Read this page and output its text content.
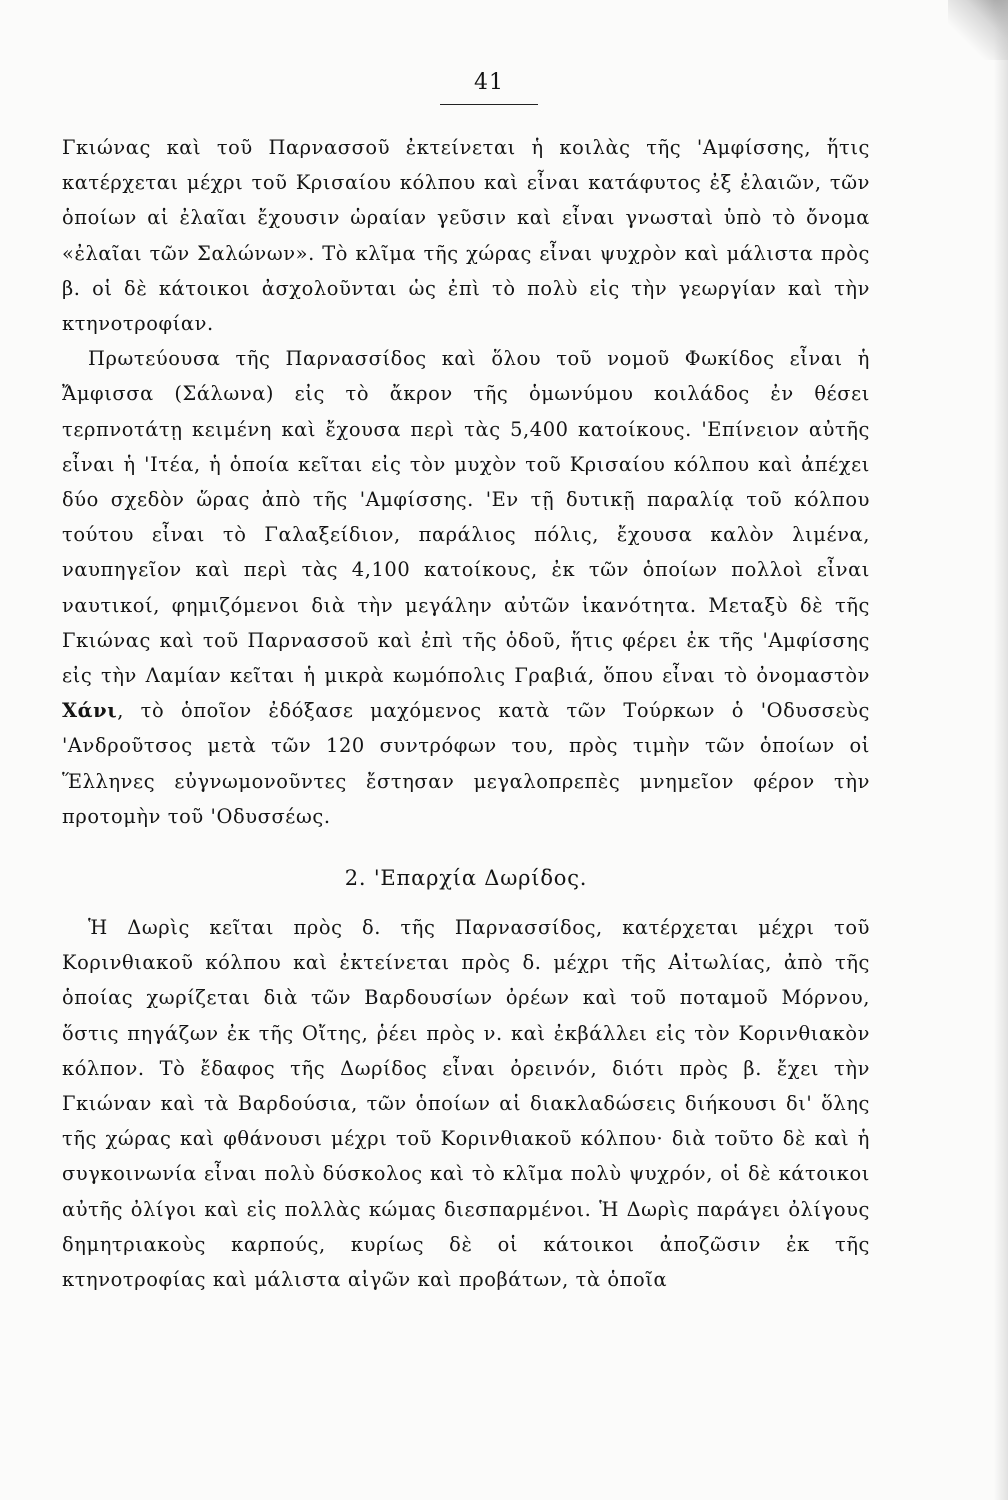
41

Γκιώνας καὶ τοῦ Παρνασσοῦ ἐκτείνεται ἡ κοιλὰς τῆς 'Αμφίσσης, ἥτις κατέρχεται μέχρι τοῦ Κρισαίου κόλπου καὶ εἶναι κατάφυτος ἐξ ἐλαιῶν, τῶν ὁποίων αἱ ἐλαῖαι ἔχουσιν ὡραίαν γεῦσιν καὶ εἶναι γνωσταὶ ὑπὸ τὸ ὄνομα «ἐλαῖαι τῶν Σαλώνων». Τὸ κλῖμα τῆς χώρας εἶναι ψυχρὸν καὶ μάλιστα πρὸς β. οἱ δὲ κάτοικοι ἀσχολοῦνται ὡς ἐπὶ τὸ πολὺ εἰς τὴν γεωργίαν καὶ τὴν κτηνοτροφίαν.

Πρωτεύουσα τῆς Παρνασσίδος καὶ ὅλου τοῦ νομοῦ Φωκίδος εἶναι ἡ Ἄμφισσα (Σάλωνα) εἰς τὸ ἄκρον τῆς ὁμωνύμου κοιλάδος ἐν θέσει τερπνοτάτῃ κειμένη καὶ ἔχουσα περὶ τὰς 5,400 κατοίκους. 'Επίνειον αὐτῆς εἶναι ἡ 'Ιτέα, ἡ ὁποία κεῖται εἰς τὸν μυχὸν τοῦ Κρισαίου κόλπου καὶ ἀπέχει δύο σχεδὸν ὥρας ἀπὸ τῆς 'Αμφίσσης. 'Εν τῇ δυτικῇ παραλίᾳ τοῦ κόλπου τούτου εἶναι τὸ Γαλαξείδιον, παράλιος πόλις, ἔχουσα καλὸν λιμένα, ναυπηγεῖον καὶ περὶ τὰς 4,100 κατοίκους, ἐκ τῶν ὁποίων πολλοὶ εἶναι ναυτικοί, φημιζόμενοι διὰ τὴν μεγάλην αὐτῶν ἱκανότητα. Μεταξὺ δὲ τῆς Γκιώνας καὶ τοῦ Παρνασσοῦ καὶ ἐπὶ τῆς ὁδοῦ, ἥτις φέρει ἐκ τῆς 'Αμφίσσης εἰς τὴν Λαμίαν κεῖται ἡ μικρὰ κωμόπολις Γραβιά, ὅπου εἶναι τὸ ὀνομαστὸν Χάνι, τὸ ὁποῖον ἐδόξασε μαχόμενος κατὰ τῶν Τούρκων ὁ 'Οδυσσεὺς 'Ανδροῦτσος μετὰ τῶν 120 συντρόφων του, πρὸς τιμὴν τῶν ὁποίων οἱ Ἕλληνες εὐγνωμονοῦντες ἔστησαν μεγαλοπρεπὲς μνημεῖον φέρον τὴν προτομὴν τοῦ 'Οδυσσέως.

2. 'Επαρχία Δωρίδος.

Ἡ Δωρὶς κεῖται πρὸς δ. τῆς Παρνασσίδος, κατέρχεται μέχρι τοῦ Κορινθιακοῦ κόλπου καὶ ἐκτείνεται πρὸς δ. μέχρι τῆς Αἰτωλίας, ἀπὸ τῆς ὁποίας χωρίζεται διὰ τῶν Βαρδουσίων ὀρέων καὶ τοῦ ποταμοῦ Μόρνου, ὅστις πηγάζων ἐκ τῆς Οἴτης, ῥέει πρὸς ν. καὶ ἐκβάλλει εἰς τὸν Κορινθιακὸν κόλπον. Τὸ ἔδαφος τῆς Δωρίδος εἶναι ὀρεινόν, διότι πρὸς β. ἔχει τὴν Γκιώναν καὶ τὰ Βαρδούσια, τῶν ὁποίων αἱ διακλαδώσεις διήκουσι δι' ὅλης τῆς χώρας καὶ φθάνουσι μέχρι τοῦ Κορινθιακοῦ κόλπου· διὰ τοῦτο δὲ καὶ ἡ συγκοινωνία εἶναι πολὺ δύσκολος καὶ τὸ κλῖμα πολὺ ψυχρόν, οἱ δὲ κάτοικοι αὐτῆς ὀλίγοι καὶ εἰς πολλὰς κώμας διεσπαρμένοι. Ἡ Δωρὶς παράγει ὀλίγους δημητριακοὺς καρπούς, κυρίως δὲ οἱ κάτοικοι ἀποζῶσιν ἐκ τῆς κτηνοτροφίας καὶ μάλιστα αἰγῶν καὶ προβάτων, τὰ ὁποῖα
